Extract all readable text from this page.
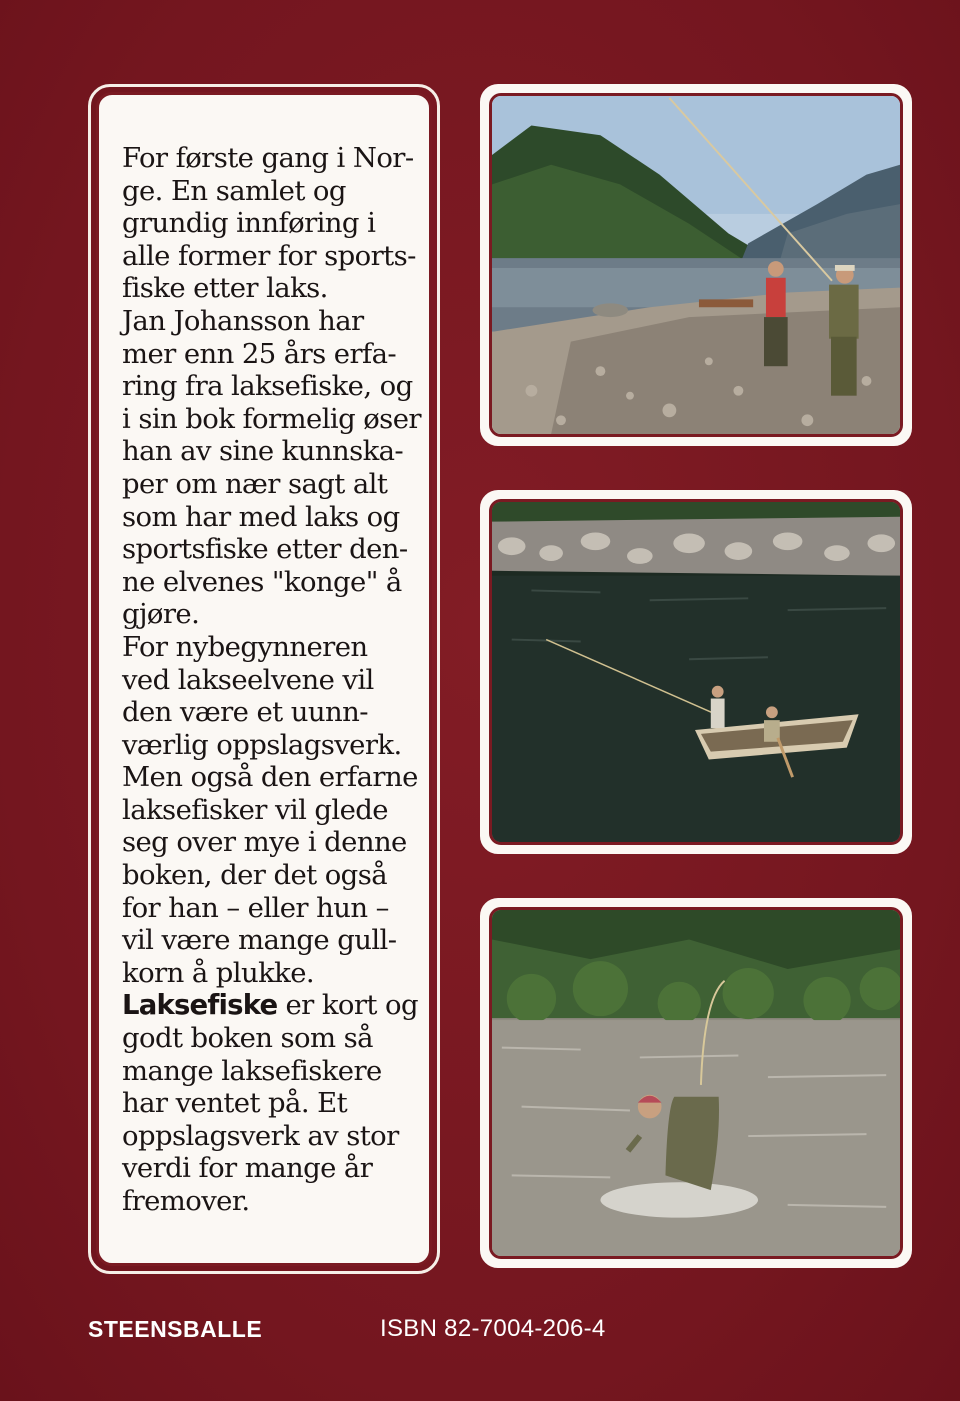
For første gang i Nor-

ge. En samlet og

grundig innføring i

alle former for sports-

fiske etter laks.

Jan Johansson har

mer enn 25 års erfa-

ring fra laksefiske, og

i sin bok formelig øser

han av sine kunnska-

per om nær sagt alt

som har med laks og

sportsfiske etter den-

ne elvenes "konge" å

gjøre.

For nybegynneren

ved lakseelvene vil

den være et uunn-

værlig oppslagsverk.

Men også den erfarne

laksefisker vil glede

seg over mye i denne

boken, der det også

for han – eller hun –

vil være mange gull-

korn å plukke.

Laksefiske er kort og

godt boken som så

mange laksefiskere

har ventet på. Et

oppslagsverk av stor

verdi for mange år

fremover.

STEENSBALLE	ISBN 82-7004-206-4
